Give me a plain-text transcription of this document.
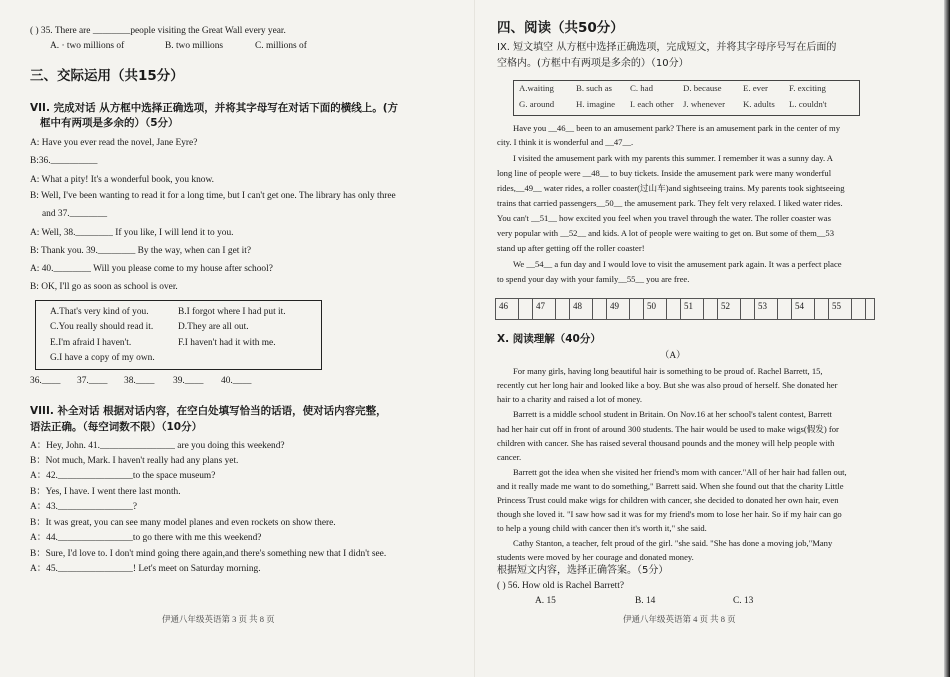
( ) 35. There are ________people visiting the Great Wall every year.
A. · two millions of	B. two millions	C. millions of
三、交际运用（共15分）
VII. 完成对话 从方框中选择正确选项，并将其字母写在对话下面的横线上。(方
框中有两项是多余的）（5分）
A: Have you ever read the novel, Jane Eyre?
B:36.__________
A: What a pity! It's a wonderful book, you know.
B: Well, I've been wanting to read it for a long time, but I can't get one. The library has only three
and 37.________
A: Well, 38.________ If you like, I will lend it to you.
B: Thank you. 39.________ By the way, when can I get it?
A: 40.________ Will you please come to my house after school?
B: OK, I'll go as soon as school is over.
A.That's very kind of you.	B.I forgot where I had put it.
C.You really should read it.	D.They are all out.
E.I'm afraid I haven't.	F.I haven't had it with me.
G.I have a copy of my own.
36.____ 37.____ 38.____ 39.____ 40.____
VIII. 补全对话 根据对话内容，在空白处填写恰当的话语，使对话内容完整，
语法正确。（每空词数不限）（10分）
A：Hey, John. 41.________________ are you doing this weekend?
B：Not much, Mark. I haven't really had any plans yet.
A：42.________________to the space museum?
B：Yes, I have. I went there last month.
A：43.________________?
B：It was great, you can see many model planes and even rockets on show there.
A：44.________________to go there with me this weekend?
B：Sure, I'd love to. I don't mind going there again,and there's something new that I didn't see.
A：45.________________! Let's meet on Saturday morning.
伊通八年级英语第 3 页 共 8 页
四、阅读（共50分）
IX. 短文填空 从方框中选择正确选项，完成短文，并将其字母序号写在后面的
空格内。(方框中有两项是多余的）（10分）
A.waiting	B. such as C. had	D. because E. ever F. exciting
G. around H. imagine I. each other J. whenever K. adults L. couldn't
Have you __46__ been to an amusement park? There is an amusement park in the center of my
city. I think it is wonderful and __47__.
I visited the amusement park with my parents this summer. I remember it was a sunny day. A
long line of people were __48__ to buy tickets. Inside the amusement park were many wonderful
rides,__49__ water rides, a roller coaster(过山车)and sightseeing trains. My parents took sightseeing
trains that carried passengers__50__ the amusement park. They felt very relaxed. I liked water rides.
You can't __51__ how excited you feel when you travel through the water. The roller coaster was
very popular with __52__ and kids. A lot of people were waiting to get on. But some of them__53
stand up after getting off the roller coaster!
We __54__ a fun day and I would love to visit the amusement park again. It was a perfect place
to spend your day with your family__55__ you are free.
46	47	48	49	50	51	52	53	54	55
X. 阅读理解（40分）
（A）
For many girls, having long beautiful hair is something to be proud of. Rachel Barrett, 15,
recently cut her long hair and looked like a boy. But she was also proud of herself. She donated her
hair to a charity and raised a lot of money.
Barrett is a middle school student in Britain. On Nov.16 at her school's talent contest, Barrett
had her hair cut off in front of around 300 students. The hair would be used to make wigs(假发) for
children with cancer. She has raised several thousand pounds and the money will help people with
cancer.
Barrett got the idea when she visited her friend's mom with cancer."All of her hair had fallen out,
and it really made me want to do something," Barrett said. When she found out that the charity Little
Princess Trust could make wigs for children with cancer, she decided to donated her own hair, even
though she loved it. "I saw how sad it was for my friend's mom to lose her hair. So if my hair can go
to help a young child with cancer then it's worth it," she said.
Cathy Stanton, a teacher, felt proud of the girl. "she said. "She has done a moving job,"Many
students were moved by her courage and donated money.
根据短文内容，选择正确答案。（5分）
( ) 56. How old is Rachel Barrett?
A. 15	B. 14	C. 13
伊通八年级英语第 4 页 共 8 页
